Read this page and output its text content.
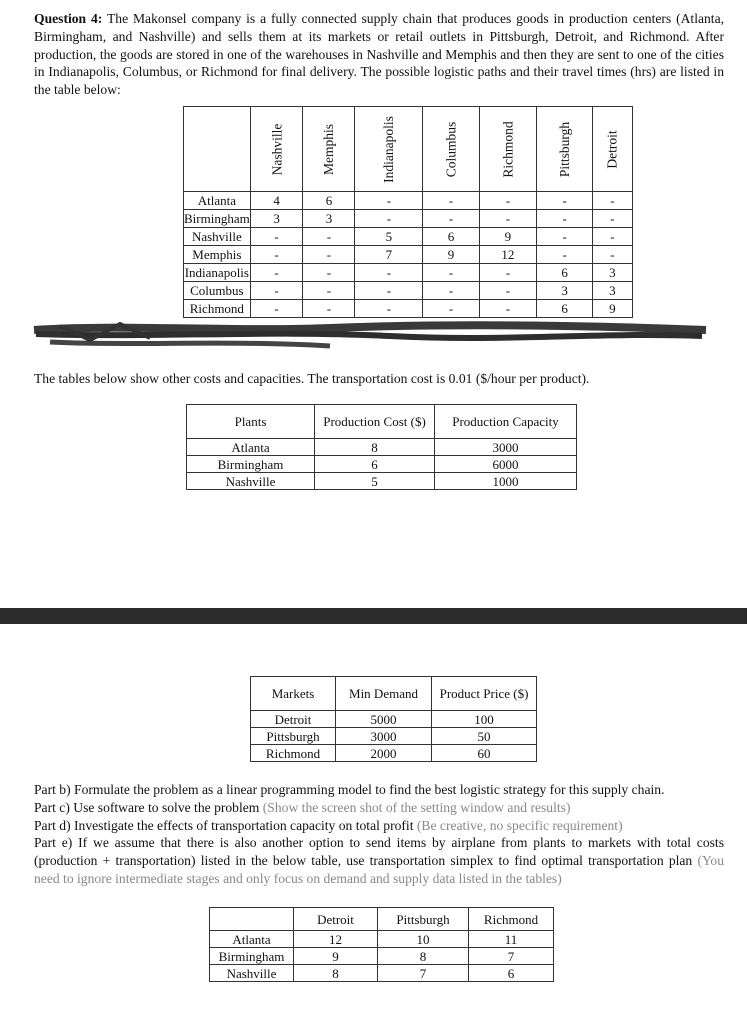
Question 4: The Makonsel company is a fully connected supply chain that produces goods in production centers (Atlanta, Birmingham, and Nashville) and sells them at its markets or retail outlets in Pittsburgh, Detroit, and Richmond. After production, the goods are stored in one of the warehouses in Nashville and Memphis and then they are sent to one of the cities in Indianapolis, Columbus, or Richmond for final delivery. The possible logistic paths and their travel times (hrs) are listed in the table below:
	Nashville	Memphis	Indianapolis	Columbus	Richmond	Pittsburgh	Detroit
Atlanta	4	6	-	-	-	-	-
Birmingham	3	3	-	-	-	-	-
Nashville	-	-	5	6	9	-	-
Memphis	-	-	7	9	12	-	-
Indianapolis	-	-	-	-	-	6	3
Columbus	-	-	-	-	-	3	3
Richmond	-	-	-	-	-	6	9
The tables below show other costs and capacities. The transportation cost is 0.01 ($/hour per product).
Plants	Production Cost ($)	Production Capacity
Atlanta	8	3000
Birmingham	6	6000
Nashville	5	1000
Markets	Min Demand	Product Price ($)
Detroit	5000	100
Pittsburgh	3000	50
Richmond	2000	60
Part b) Formulate the problem as a linear programming model to find the best logistic strategy for this supply chain.
Part c) Use software to solve the problem (Show the screen shot of the setting window and results)
Part d) Investigate the effects of transportation capacity on total profit (Be creative, no specific requirement)
Part e) If we assume that there is also another option to send items by airplane from plants to markets with total costs (production + transportation) listed in the below table, use transportation simplex to find optimal transportation plan (You need to ignore intermediate stages and only focus on demand and supply data listed in the tables)
	Detroit	Pittsburgh	Richmond
Atlanta	12	10	11
Birmingham	9	8	7
Nashville	8	7	6
